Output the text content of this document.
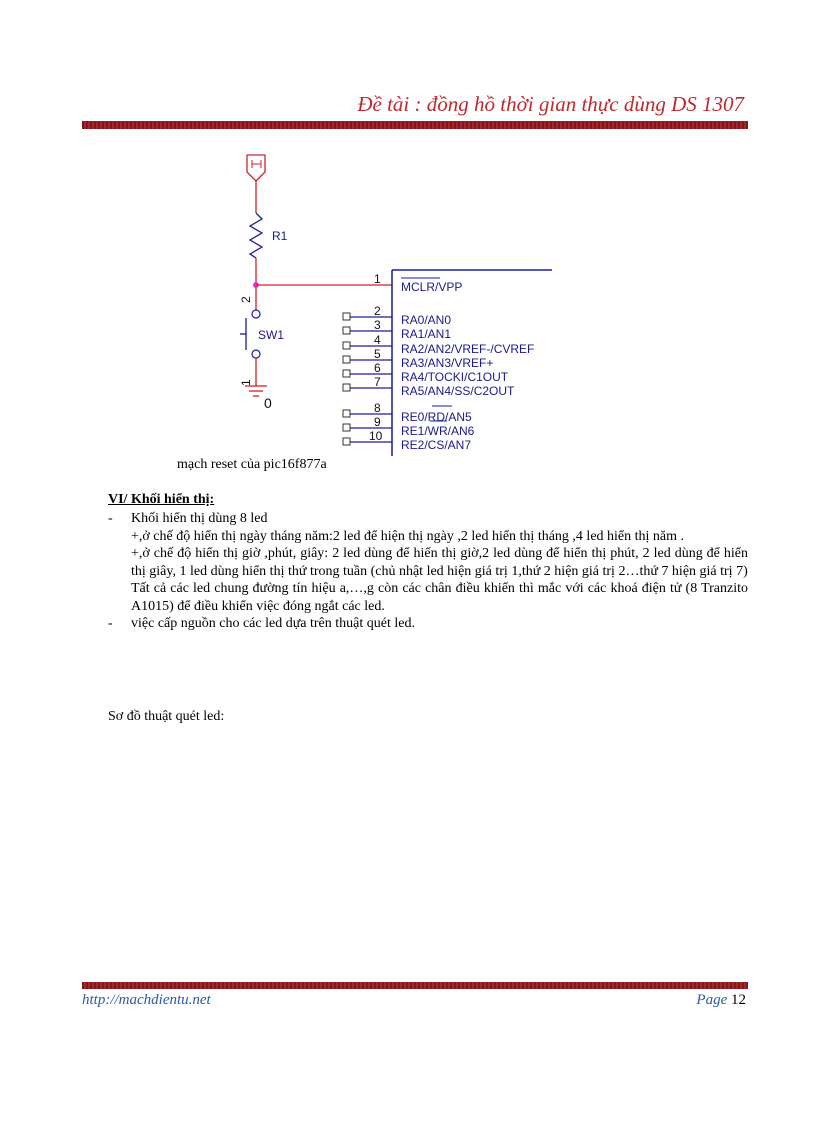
Đề tài : đồng hồ thời gian thực dùng DS 1307
R1
2
SW1
1
0
1
MCLR/VPP
2
RA0/AN0
3
RA1/AN1
4
RA2/AN2/VREF-/CVREF
5
RA3/AN3/VREF+
6
RA4/TOCKI/C1OUT
7
RA5/AN4/SS/C2OUT
8
RE0/RD/AN5
9
RE1/WR/AN6
10
RE2/CS/AN7
mạch reset của pic16f877a
VI/ Khối hiển thị:
- Khối hiển thị dùng 8 led
+,ở chế độ hiển thị ngày tháng năm:2 led để hiện thị ngày ,2 led hiển thị tháng ,4 led hiển thị năm .
+,ở chế độ hiển thị giờ ,phút, giây: 2 led dùng để hiển thị giờ,2 led dùng để hiển thị phút, 2 led dùng để hiển thị giây, 1 led dùng hiển thị thứ trong tuần (chủ nhật led hiện giá trị 1,thứ 2 hiện giá trị 2…thứ 7 hiện giá trị 7)
Tất cả các led chung đường tín hiệu a,…,g còn các chân điều khiển thì mắc với các khoá điện tử (8 Tranzito A1015) để điều khiển việc đóng ngắt các led.
- việc cấp nguồn cho các led dựa trên thuật quét led.
Sơ đồ thuật quét led:
http://machdientu.net	Page 12
